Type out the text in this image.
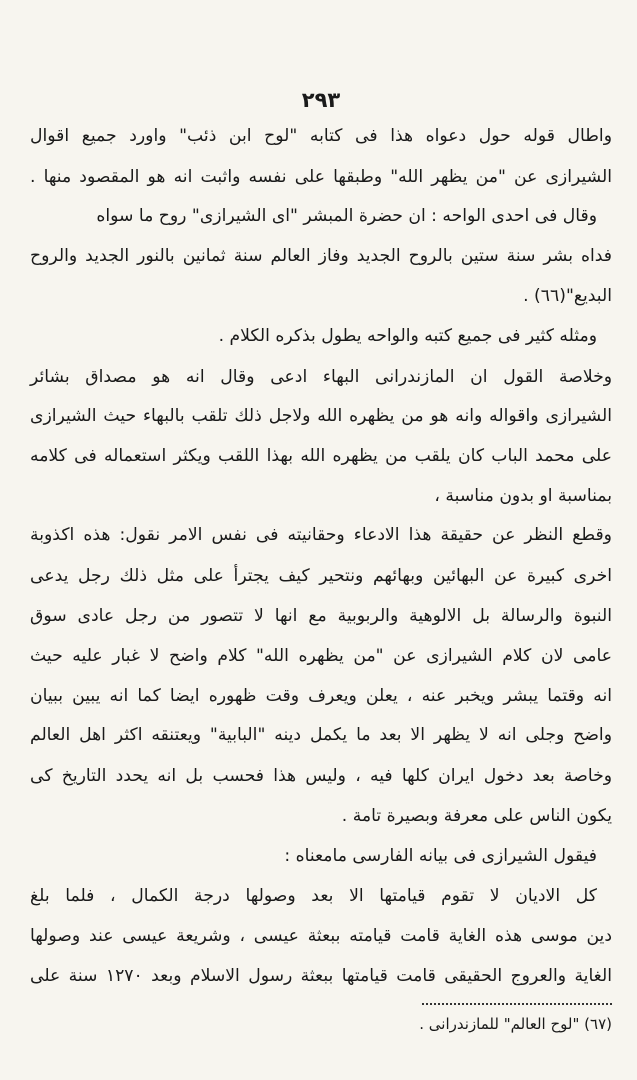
٢٩٣
واطال قوله حول دعواه هذا فى كتابه "لوح ابن ذئب" واورد جميع اقوال
الشيرازى عن "من يظهر الله" وطبقها على نفسه واثبت انه هو المقصود منها .
وقال فى احدى الواحه : ان حضرة المبشر "اى الشيرازى" روح ما سواه
فداه بشر سنة ستين بالروح الجديد وفاز العالم سنة ثمانين بالنور الجديد والروح
البديع"(٦٦) .
ومثله كثير فى جميع كتبه والواحه يطول بذكره الكلام .
وخلاصة القول ان المازندرانى البهاء ادعى وقال انه هو مصداق بشائر
الشيرازى واقواله وانه هو من يظهره الله ولاجل ذلك تلقب بالبهاء حيث الشيرازى
على محمد الباب كان يلقب من يظهره الله بهذا اللقب ويكثر استعماله فى كلامه
بمناسبة او بدون مناسبة ،
وقطع النظر عن حقيقة هذا الادعاء وحقانيته فى نفس الامر نقول: هذه اكذوبة
اخرى كبيرة عن البهائين وبهائهم ونتحير كيف يجترأ على مثل ذلك رجل يدعى
النبوة والرسالة بل الالوهية والربوبية مع انها لا تتصور من رجل عادى سوق
عامى لان كلام الشيرازى عن "من يظهره الله" كلام واضح لا غبار عليه حيث
انه وقتما يبشر ويخبر عنه ، يعلن ويعرف وقت ظهوره ايضا كما انه يبين ببيان
واضح وجلى انه لا يظهر الا بعد ما يكمل دينه "البابية" ويعتنقه اكثر اهل العالم
وخاصة بعد دخول ايران كلها فيه ، وليس هذا فحسب بل انه يحدد التاريخ كى
يكون الناس على معرفة وبصيرة تامة .
فيقول الشيرازى فى بيانه الفارسى مامعناه :
كل الاديان لا تقوم قيامتها الا بعد وصولها درجة الكمال ، فلما بلغ
دين موسى هذه الغاية قامت قيامته ببعثة عيسى ، وشريعة عيسى عند وصولها
الغاية والعروج الحقيقى قامت قيامتها ببعثة رسول الاسلام وبعد ١٢٧٠ سنة على
(٦٧) "لوح العالم" للمازندرانى .
